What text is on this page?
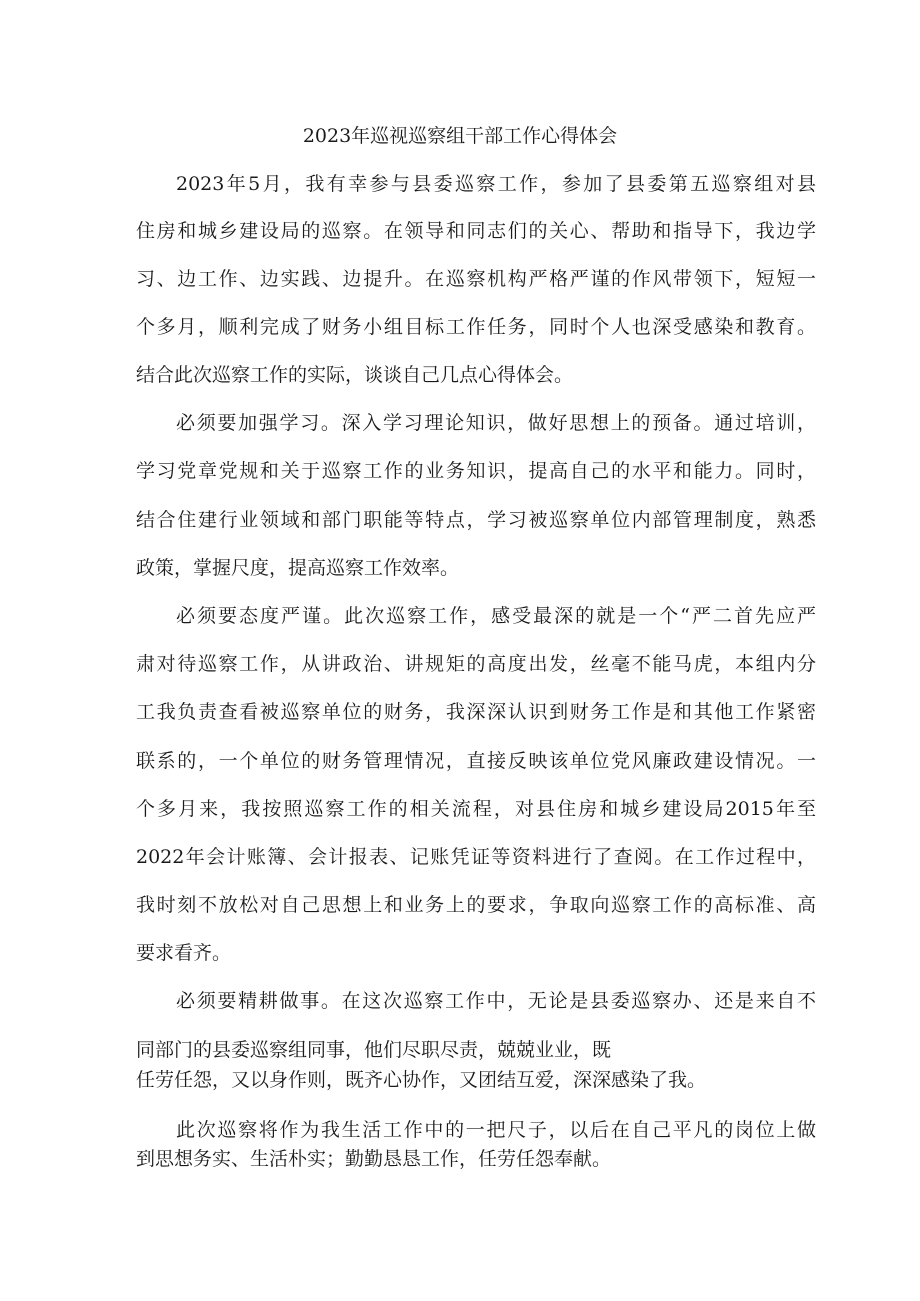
2023年巡视巡察组干部工作心得体会
2023年5月，我有幸参与县委巡察工作，参加了县委第五巡察组对县
住房和城乡建设局的巡察。在领导和同志们的关心、帮助和指导下，我边学
习、边工作、边实践、边提升。在巡察机构严格严谨的作风带领下，短短一
个多月，顺利完成了财务小组目标工作任务，同时个人也深受感染和教育。
结合此次巡察工作的实际，谈谈自己几点心得体会。
必须要加强学习。深入学习理论知识，做好思想上的预备。通过培训，
学习党章党规和关于巡察工作的业务知识，提高自己的水平和能力。同时，
结合住建行业领域和部门职能等特点，学习被巡察单位内部管理制度，熟悉
政策，掌握尺度，提高巡察工作效率。
必须要态度严谨。此次巡察工作，感受最深的就是一个“严二首先应严
肃对待巡察工作，从讲政治、讲规矩的高度出发，丝毫不能马虎，本组内分
工我负责查看被巡察单位的财务，我深深认识到财务工作是和其他工作紧密
联系的，一个单位的财务管理情况，直接反映该单位党风廉政建设情况。一
个多月来，我按照巡察工作的相关流程，对县住房和城乡建设局2015年至
2022年会计账簿、会计报表、记账凭证等资料进行了查阅。在工作过程中，
我时刻不放松对自己思想上和业务上的要求，争取向巡察工作的高标准、高
要求看齐。
必须要精耕做事。在这次巡察工作中，无论是县委巡察办、还是来自不
同部门的县委巡察组同事，他们尽职尽责，兢兢业业，既
任劳任怨，又以身作则，既齐心协作，又团结互爱，深深感染了我。
此次巡察将作为我生活工作中的一把尺子，以后在自己平凡的岗位上做
到思想务实、生活朴实；勤勤恳恳工作，任劳任怨奉献。
